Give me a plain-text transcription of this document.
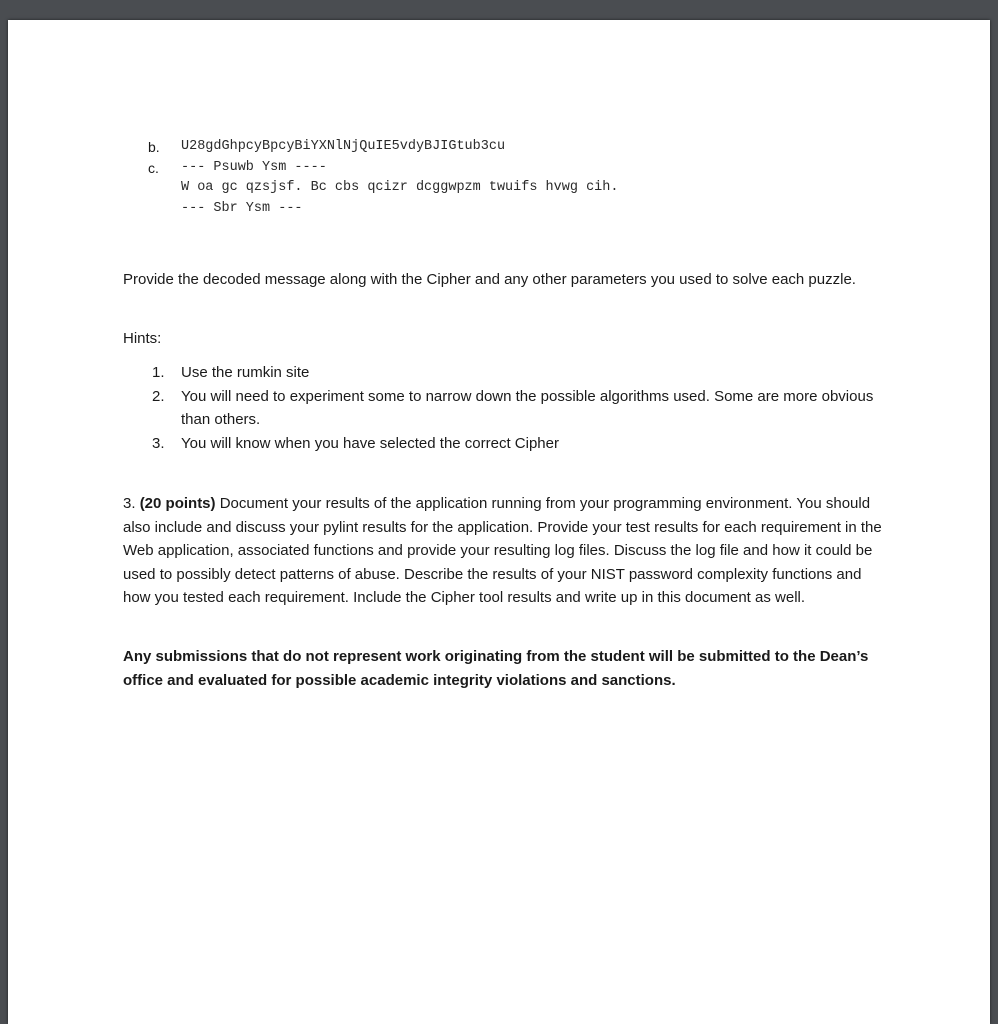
b. U28gdGhpcyBpcyBiYXNlNjQuIE5vdyBJIGtub3cu
c. --- Psuwb Ysm ----
W oa gc qzsjsf. Bc cbs qcizr dcggwpzm twuifs hvwg cih.
--- Sbr Ysm ---

Provide the decoded message along with the Cipher and any other parameters you used to solve each puzzle.

Hints:

1. Use the rumkin site
2. You will need to experiment some to narrow down the possible algorithms used. Some are more obvious than others.
3. You will know when you have selected the correct Cipher

3. (20 points) Document your results of the application running from your programming environment. You should also include and discuss your pylint results for the application. Provide your test results for each requirement in the Web application, associated functions and provide your resulting log files. Discuss the log file and how it could be used to possibly detect patterns of abuse. Describe the results of your NIST password complexity functions and how you tested each requirement. Include the Cipher tool results and write up in this document as well.

Any submissions that do not represent work originating from the student will be submitted to the Dean’s office and evaluated for possible academic integrity violations and sanctions.
